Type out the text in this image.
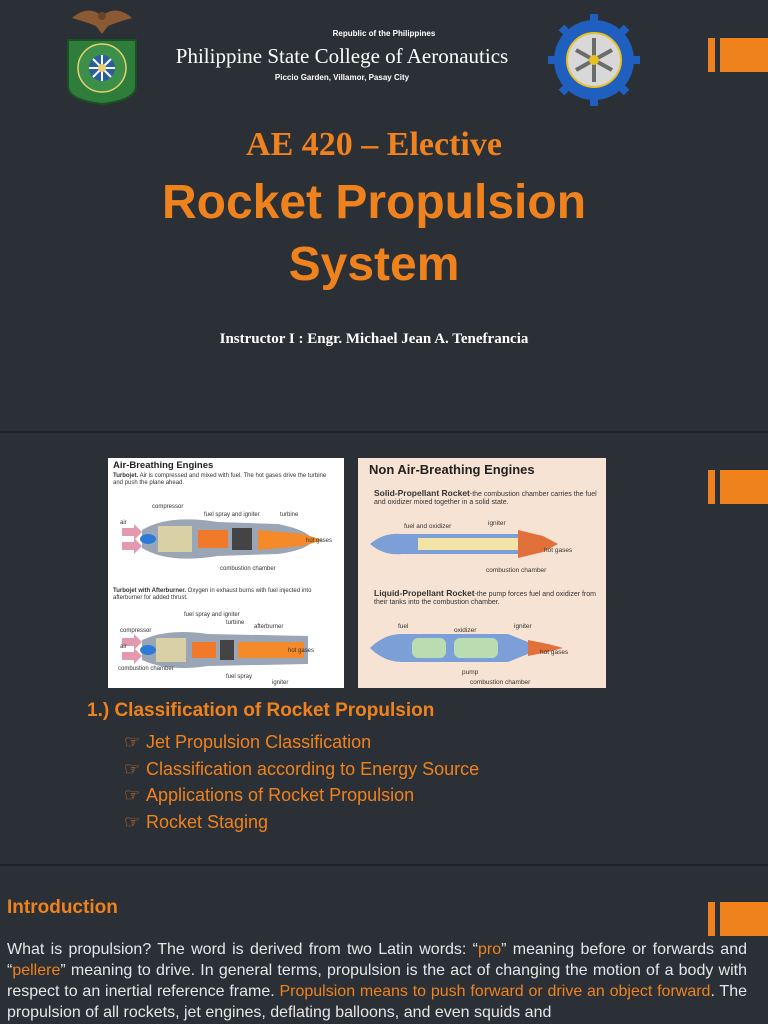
Republic of the Philippines
Philippine State College of Aeronautics
Piccio Garden, Villamor, Pasay City
AE 420 – Elective
Rocket Propulsion
System
Instructor I : Engr. Michael Jean A. Tenefrancia
Air-Breathing Engines
Turbojet. Air is compressed and mixed with fuel. The hot gases drive the turbine and push the plane ahead.
compressor
fuel spray and igniter	turbine
air
hot gases
combustion chamber
Turbojet with Afterburner. Oxygen in exhaust burns with fuel injected into afterburner for added thrust.
fuel spray and igniter
turbine
afterburner
compressor
air
combustion chamber
hot gases
fuel spray
igniter
Non Air-Breathing Engines
Solid-Propellant Rocket-the combustion chamber carries the fuel and oxidizer mixed together in a solid state.
igniter
fuel and oxidizer
hot gases
combustion chamber
Liquid-Propellant Rocket-the pump forces fuel and oxidizer from their tanks into the combustion chamber.
fuel
oxidizer
igniter
hot gases
pump
combustion chamber
1.) Classification of Rocket Propulsion
☞ Jet Propulsion Classification
☞ Classification according to Energy Source
☞ Applications of Rocket Propulsion
☞ Rocket Staging
Introduction

What is propulsion? The word is derived from two Latin words: “pro” meaning before or forwards and “pellere” meaning to drive. In general terms, propulsion is the act of changing the motion of a body with respect to an inertial reference frame. Propulsion means to push forward or drive an object forward. The propulsion of all rockets, jet engines, deflating balloons, and even squids and
